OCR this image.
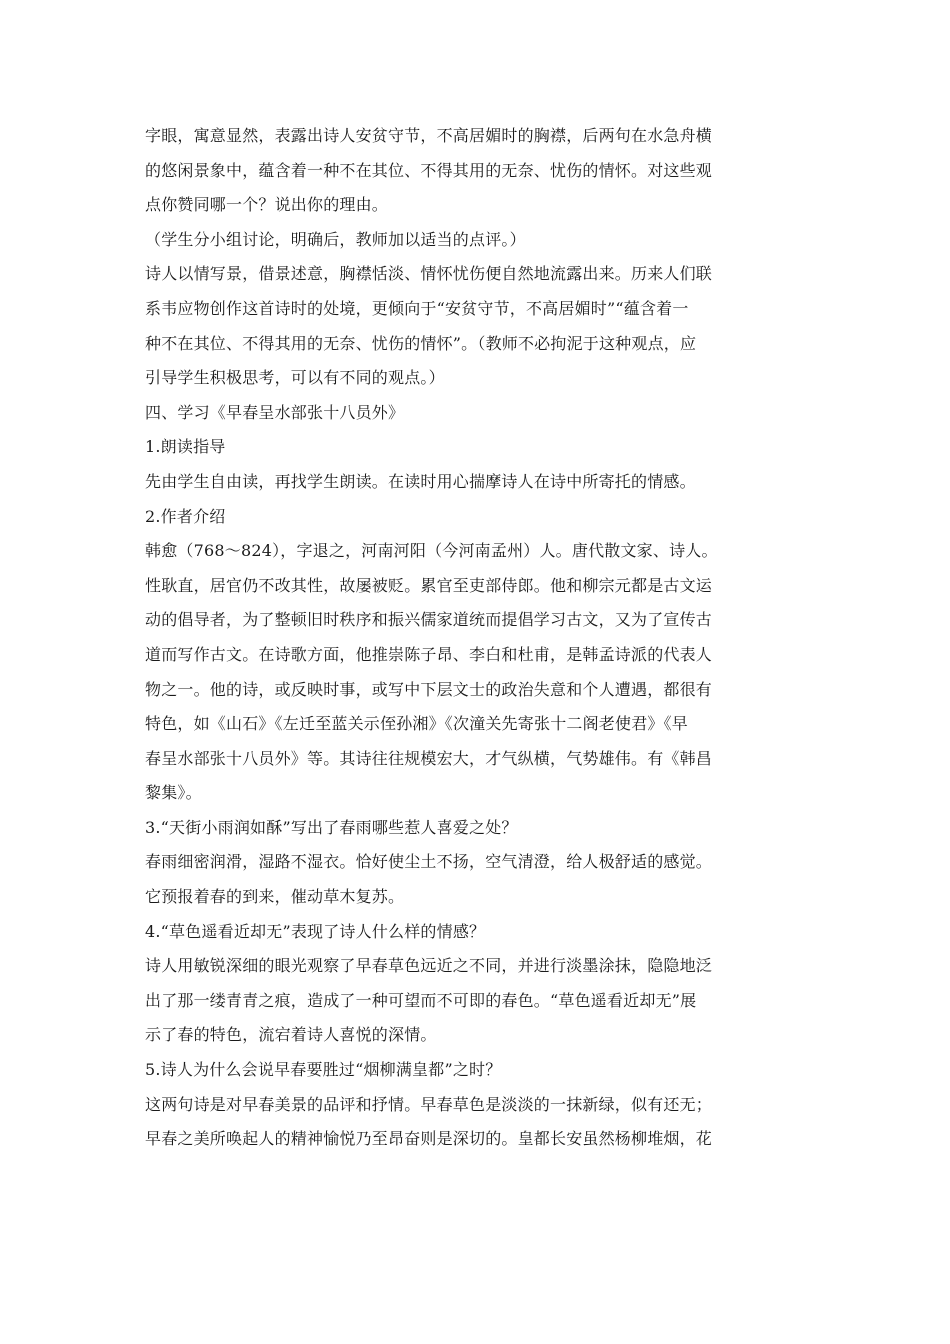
字眼，寓意显然，表露出诗人安贫守节，不高居媚时的胸襟，后两句在水急舟横
的悠闲景象中，蕴含着一种不在其位、不得其用的无奈、忧伤的情怀。对这些观
点你赞同哪一个？说出你的理由。
（学生分小组讨论，明确后，教师加以适当的点评。）
诗人以情写景，借景述意，胸襟恬淡、情怀忧伤便自然地流露出来。历来人们联
系韦应物创作这首诗时的处境，更倾向于“安贫守节，不高居媚时”“蕴含着一
种不在其位、不得其用的无奈、忧伤的情怀”。（教师不必拘泥于这种观点，应
引导学生积极思考，可以有不同的观点。）
四、学习《早春呈水部张十八员外》
1.朗读指导
先由学生自由读，再找学生朗读。在读时用心揣摩诗人在诗中所寄托的情感。
2.作者介绍
韩愈（768～824），字退之，河南河阳（今河南孟州）人。唐代散文家、诗人。
性耿直，居官仍不改其性，故屡被贬。累官至吏部侍郎。他和柳宗元都是古文运
动的倡导者，为了整顿旧时秩序和振兴儒家道统而提倡学习古文，又为了宣传古
道而写作古文。在诗歌方面，他推崇陈子昂、李白和杜甫，是韩孟诗派的代表人
物之一。他的诗，或反映时事，或写中下层文士的政治失意和个人遭遇，都很有
特色，如《山石》《左迁至蓝关示侄孙湘》《次潼关先寄张十二阁老使君》《早
春呈水部张十八员外》等。其诗往往规模宏大，才气纵横，气势雄伟。有《韩昌
黎集》。
3.“天街小雨润如酥”写出了春雨哪些惹人喜爱之处？
春雨细密润滑，湿路不湿衣。恰好使尘土不扬，空气清澄，给人极舒适的感觉。
它预报着春的到来，催动草木复苏。
4.“草色遥看近却无”表现了诗人什么样的情感？
诗人用敏锐深细的眼光观察了早春草色远近之不同，并进行淡墨涂抹，隐隐地泛
出了那一缕青青之痕，造成了一种可望而不可即的春色。“草色遥看近却无”展
示了春的特色，流宕着诗人喜悦的深情。
5.诗人为什么会说早春要胜过“烟柳满皇都”之时？
这两句诗是对早春美景的品评和抒情。早春草色是淡淡的一抹新绿，似有还无；
早春之美所唤起人的精神愉悦乃至昂奋则是深切的。皇都长安虽然杨柳堆烟，花
